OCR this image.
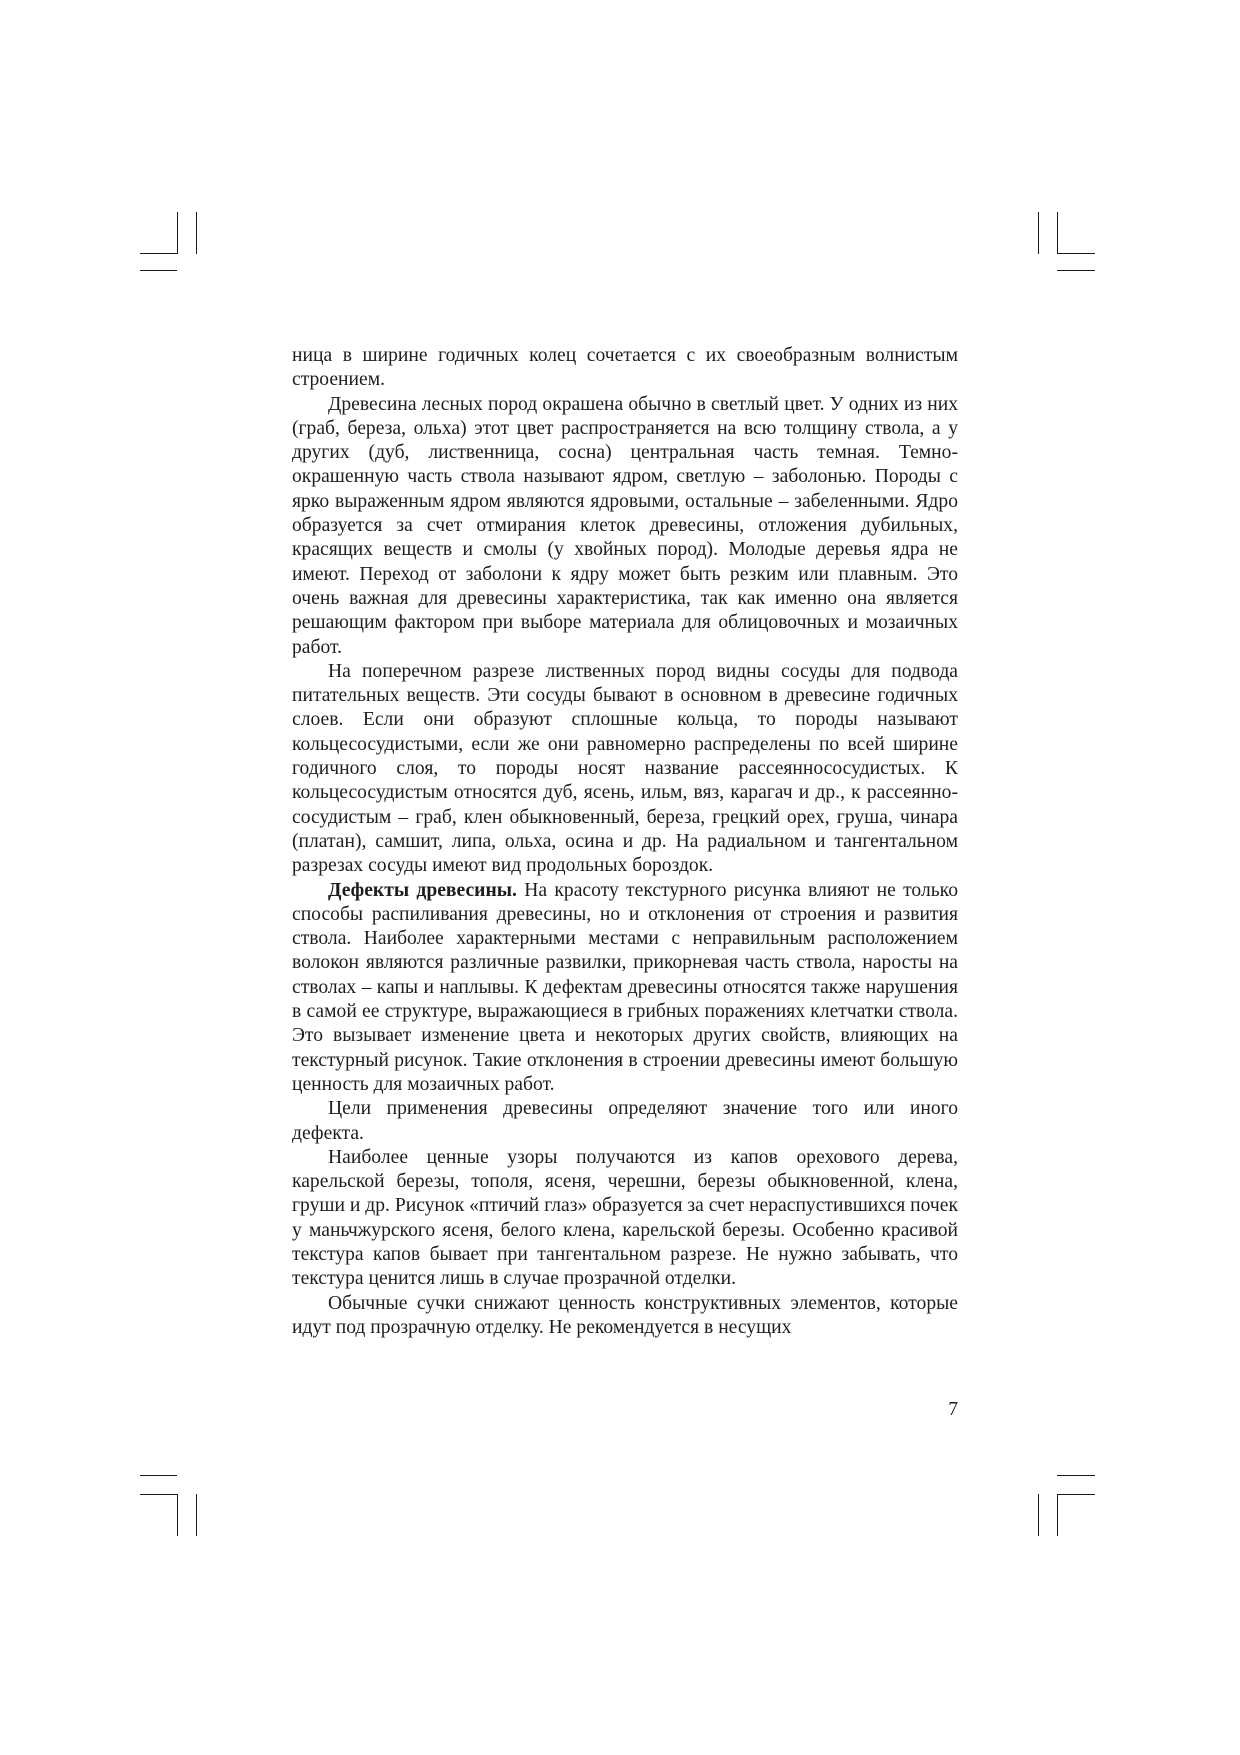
ница в ширине годичных колец сочетается с их своеобразным волнистым строением.

Древесина лесных пород окрашена обычно в светлый цвет. У одних из них (граб, береза, ольха) этот цвет распространяется на всю толщину ствола, а у других (дуб, лиственница, сосна) центральная часть темная. Темно-окрашенную часть ствола называют ядром, светлую – заболонью. Породы с ярко выраженным ядром являются ядровыми, остальные – забеленными. Ядро образуется за счет отмирания клеток древесины, отложения дубильных, красящих веществ и смолы (у хвойных пород). Молодые деревья ядра не имеют. Переход от заболони к ядру может быть резким или плавным. Это очень важная для древесины характеристика, так как именно она является решающим фактором при выборе материала для облицовочных и мозаичных работ.

На поперечном разрезе лиственных пород видны сосуды для подвода питательных веществ. Эти сосуды бывают в основном в древесине годичных слоев. Если они образуют сплошные кольца, то породы называют кольцесосудистыми, если же они равномерно распределены по всей ширине годичного слоя, то породы носят название рассеяннососудистых. К кольцесосудистым относятся дуб, ясень, ильм, вяз, карагач и др., к рассеяннососудистым – граб, клен обыкновенный, береза, грецкий орех, груша, чинара (платан), самшит, липа, ольха, осина и др. На радиальном и тангентальном разрезах сосуды имеют вид продольных бороздок.

Дефекты древесины. На красоту текстурного рисунка влияют не только способы распиливания древесины, но и отклонения от строения и развития ствола. Наиболее характерными местами с неправильным расположением волокон являются различные развилки, прикорневая часть ствола, наросты на стволах – капы и наплывы. К дефектам древесины относятся также нарушения в самой ее структуре, выражающиеся в грибных поражениях клетчатки ствола. Это вызывает изменение цвета и некоторых других свойств, влияющих на текстурный рисунок. Такие отклонения в строении древесины имеют большую ценность для мозаичных работ.

Цели применения древесины определяют значение того или иного дефекта.

Наиболее ценные узоры получаются из капов орехового дерева, карельской березы, тополя, ясеня, черешни, березы обыкновенной, клена, груши и др. Рисунок «птичий глаз» образуется за счет нераспустившихся почек у маньчжурского ясеня, белого клена, карельской березы. Особенно красивой текстура капов бывает при тангентальном разрезе. Не нужно забывать, что текстура ценится лишь в случае прозрачной отделки.

Обычные сучки снижают ценность конструктивных элементов, которые идут под прозрачную отделку. Не рекомендуется в несущих

7
